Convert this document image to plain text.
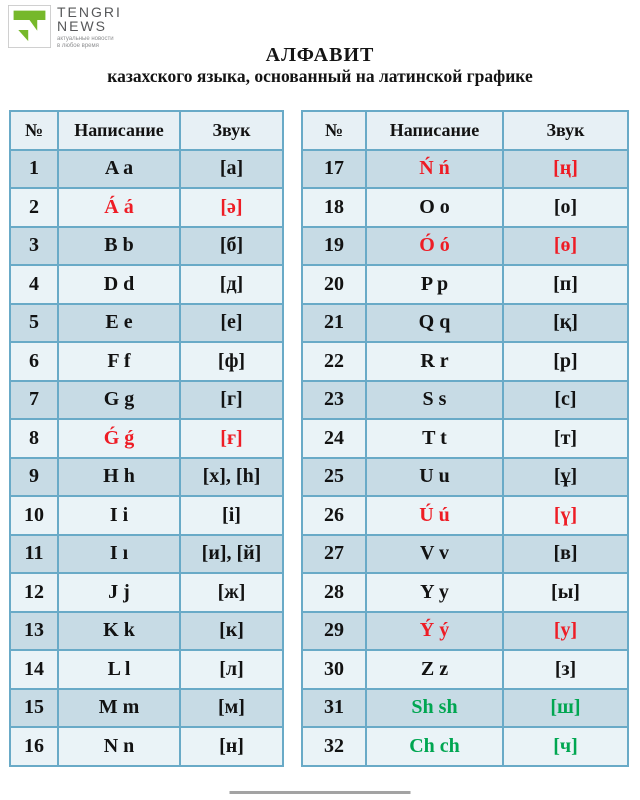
TENGRI
NEWS
актуальные новости
в любое время	АЛФАВИТ
казахского языка, основанный на латинской графике
№	Написание	Звук
1	A a	[а]
2	Á á	[ә]
3	B b	[б]
4	D d	[д]
5	E e	[е]
6	F f	[ф]
7	G g	[г]
8	Ǵ ǵ	[ғ]
9	H h	[х], [h]
10	I i	[i]
11	I ı	[и], [й]
12	J j	[ж]
13	K k	[к]
14	L l	[л]
15	M m	[м]
16	N n	[н]
№	Написание	Звук
17	Ń ń	[ң]
18	O o	[о]
19	Ó ó	[ө]
20	P p	[п]
21	Q q	[қ]
22	R r	[р]
23	S s	[с]
24	T t	[т]
25	U u	[ұ]
26	Ú ú	[ү]
27	V v	[в]
28	Y y	[ы]
29	Ý ý	[у]
30	Z z	[з]
31	Sh sh	[ш]
32	Ch ch	[ч]
